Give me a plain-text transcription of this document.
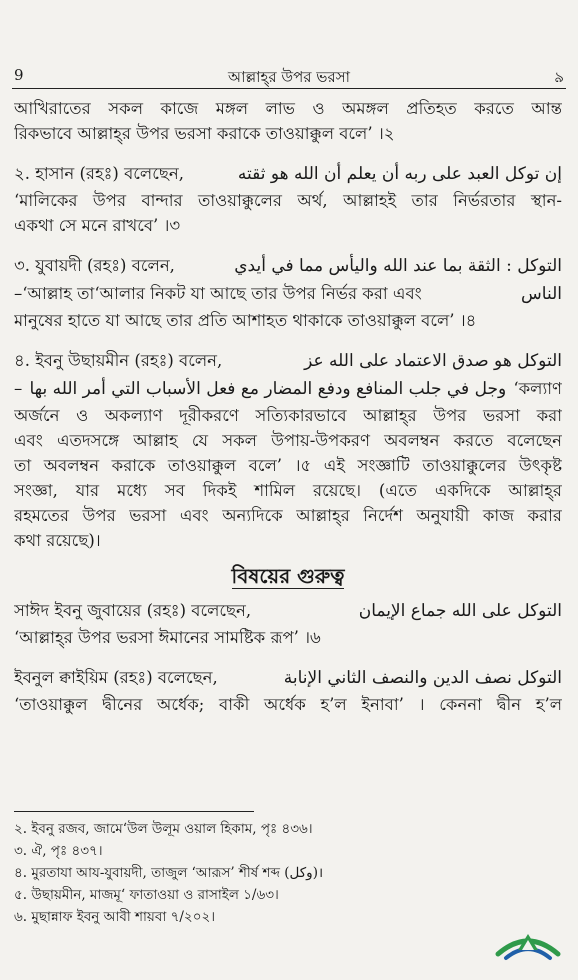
9	আল্লাহ্‌র উপর ভরসা	৯
আখিরাতের সকল কাজে মঙ্গল লাভ ও অমঙ্গল প্রতিহত করতে আন্ত
রিকভাবে আল্লাহ্‌র উপর ভরসা করাকে তাওয়াক্কুল বলে’ ।২
২. হাসান (রহঃ) বলেছেন,	إن توكل العبد على ربه أن يعلم أن الله هو ثقته
‘মালিকের উপর বান্দার তাওয়াক্কুলের অর্থ, আল্লাহই তার নির্ভরতার স্থান-
একথা সে মনে রাখবে’ ।৩
৩. যুবায়দী (রহঃ) বলেন,	التوكل : الثقة بما عند الله واليأس مما في أيدي
–‘আল্লাহ তা‘আলার নিকট যা আছে তার উপর নির্ভর করা এবং	الناس
মানুষের হাতে যা আছে তার প্রতি আশাহত থাকাকে তাওয়াক্কুল বলে’ ।৪
৪. ইবনু উছায়মীন (রহঃ) বলেন,	التوكل هو صدق الاعتماد على الله عز
– وجل في جلب المنافع ودفع المضار مع فعل الأسباب التي أمر الله بها ‘কল্যাণ
অর্জনে ও অকল্যাণ দূরীকরণে সত্যিকারভাবে আল্লাহ্‌র উপর ভরসা করা
এবং এতদসঙ্গে আল্লাহ যে সকল উপায়-উপকরণ অবলম্বন করতে বলেছেন
তা অবলম্বন করাকে তাওয়াক্কুল বলে’ ।৫ এই সংজ্ঞাটি তাওয়াক্কুলের উৎকৃষ্ট
সংজ্ঞা, যার মধ্যে সব দিকই শামিল রয়েছে। (এতে একদিকে আল্লাহ্‌র
রহমতের উপর ভরসা এবং অন্যদিকে আল্লাহ্‌র নির্দেশ অনুযায়ী কাজ করার
কথা রয়েছে)।
বিষয়ের গুরুত্ব
সাঈদ ইবনু জুবায়ের (রহঃ) বলেছেন,	التوكل على الله جماع الإيمان
‘আল্লাহ্‌র উপর ভরসা ঈমানের সামষ্টিক রূপ’ ।৬
ইবনুল ক্বাইয়িম (রহঃ) বলেছেন,	التوكل نصف الدين والنصف الثاني الإنابة
‘তাওয়াক্কুল দ্বীনের অর্ধেক; বাকী অর্ধেক হ’ল ইনাবা’ । কেননা দ্বীন হ’ল
২. ইবনু রজব, জামে‘উল উলূম ওয়াল হিকাম, পৃঃ ৪৩৬।
৩. ঐ, পৃঃ ৪৩৭।
৪. মুরতাযা আয-যুবায়দী, তাজুল ‘আরূস’ শীর্ষ শব্দ (وكل)।
৫. উছায়মীন, মাজমূ‘ ফাতাওয়া ও রাসাইল ১/৬৩।
৬. মুছান্নাফ ইবনু আবী শায়বা ৭/২০২।
